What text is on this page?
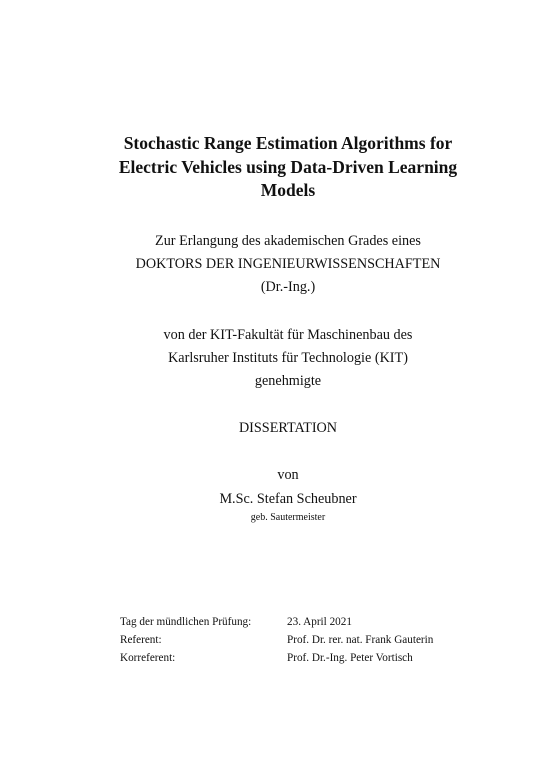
Stochastic Range Estimation Algorithms for
Electric Vehicles using Data-Driven Learning
Models
Zur Erlangung des akademischen Grades eines
DOKTORS DER INGENIEURWISSENSCHAFTEN
(Dr.-Ing.)
von der KIT-Fakultät für Maschinenbau des
Karlsruher Instituts für Technologie (KIT)
genehmigte
DISSERTATION
von
M.Sc. Stefan Scheubner
geb. Sautermeister
Tag der mündlichen Prüfung:	23. April 2021
Referent:	Prof. Dr. rer. nat. Frank Gauterin
Korreferent:	Prof. Dr.-Ing. Peter Vortisch
